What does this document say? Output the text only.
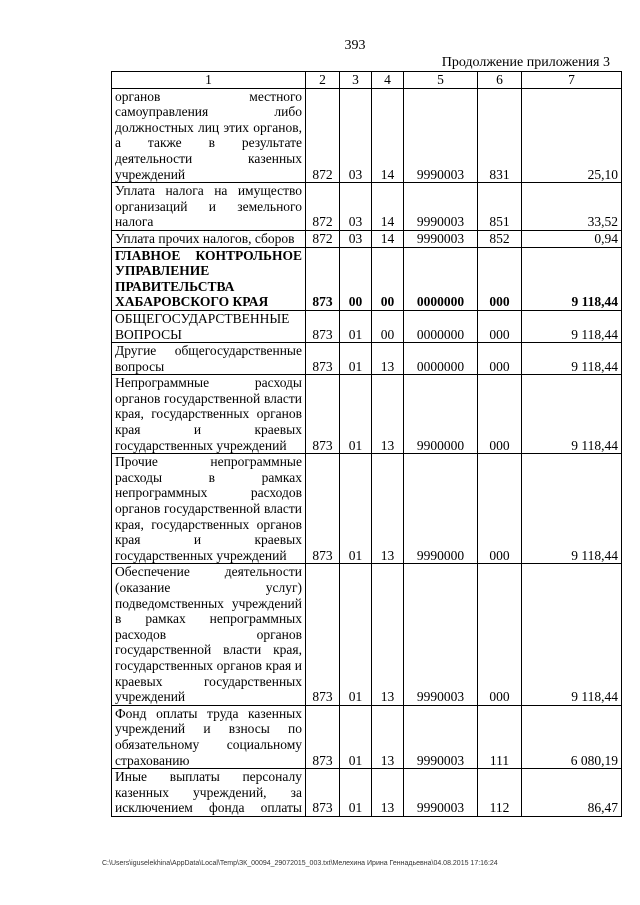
393
Продолжение приложения 3
1	2	3	4	5	6	7
органов местного самоуправления либо должностных лиц этих органов, а также в результате деятельности казенных учреждений	872	03	14	9990003	831	25,10
Уплата налога на имущество организаций и земельного налога	872	03	14	9990003	851	33,52
Уплата прочих налогов, сборов	872	03	14	9990003	852	0,94
ГЛАВНОЕ КОНТРОЛЬНОЕ УПРАВЛЕНИЕ ПРАВИТЕЛЬСТВА ХАБАРОВСКОГО КРАЯ	873	00	00	0000000	000	9 118,44
ОБЩЕГОСУДАРСТВЕННЫЕ ВОПРОСЫ	873	01	00	0000000	000	9 118,44
Другие общегосударственные вопросы	873	01	13	0000000	000	9 118,44
Непрограммные расходы органов государственной власти края, государственных органов края и краевых государственных учреждений	873	01	13	9900000	000	9 118,44
Прочие непрограммные расходы в рамках непрограммных расходов органов государственной власти края, государственных органов края и краевых государственных учреждений	873	01	13	9990000	000	9 118,44
Обеспечение деятельности (оказание услуг) подведомственных учреждений в рамках непрограммных расходов органов государственной власти края, государственных органов края и краевых государственных учреждений	873	01	13	9990003	000	9 118,44
Фонд оплаты труда казенных учреждений и взносы по обязательному социальному страхованию	873	01	13	9990003	111	6 080,19
Иные выплаты персоналу казенных учреждений, за исключением фонда оплаты	873	01	13	9990003	112	86,47
C:\Users\iguselekhina\AppData\Local\Temp\ЗК_00094_29072015_003.txt\Мелехина Ирина Геннадьевна\04.08.2015 17:16:24
